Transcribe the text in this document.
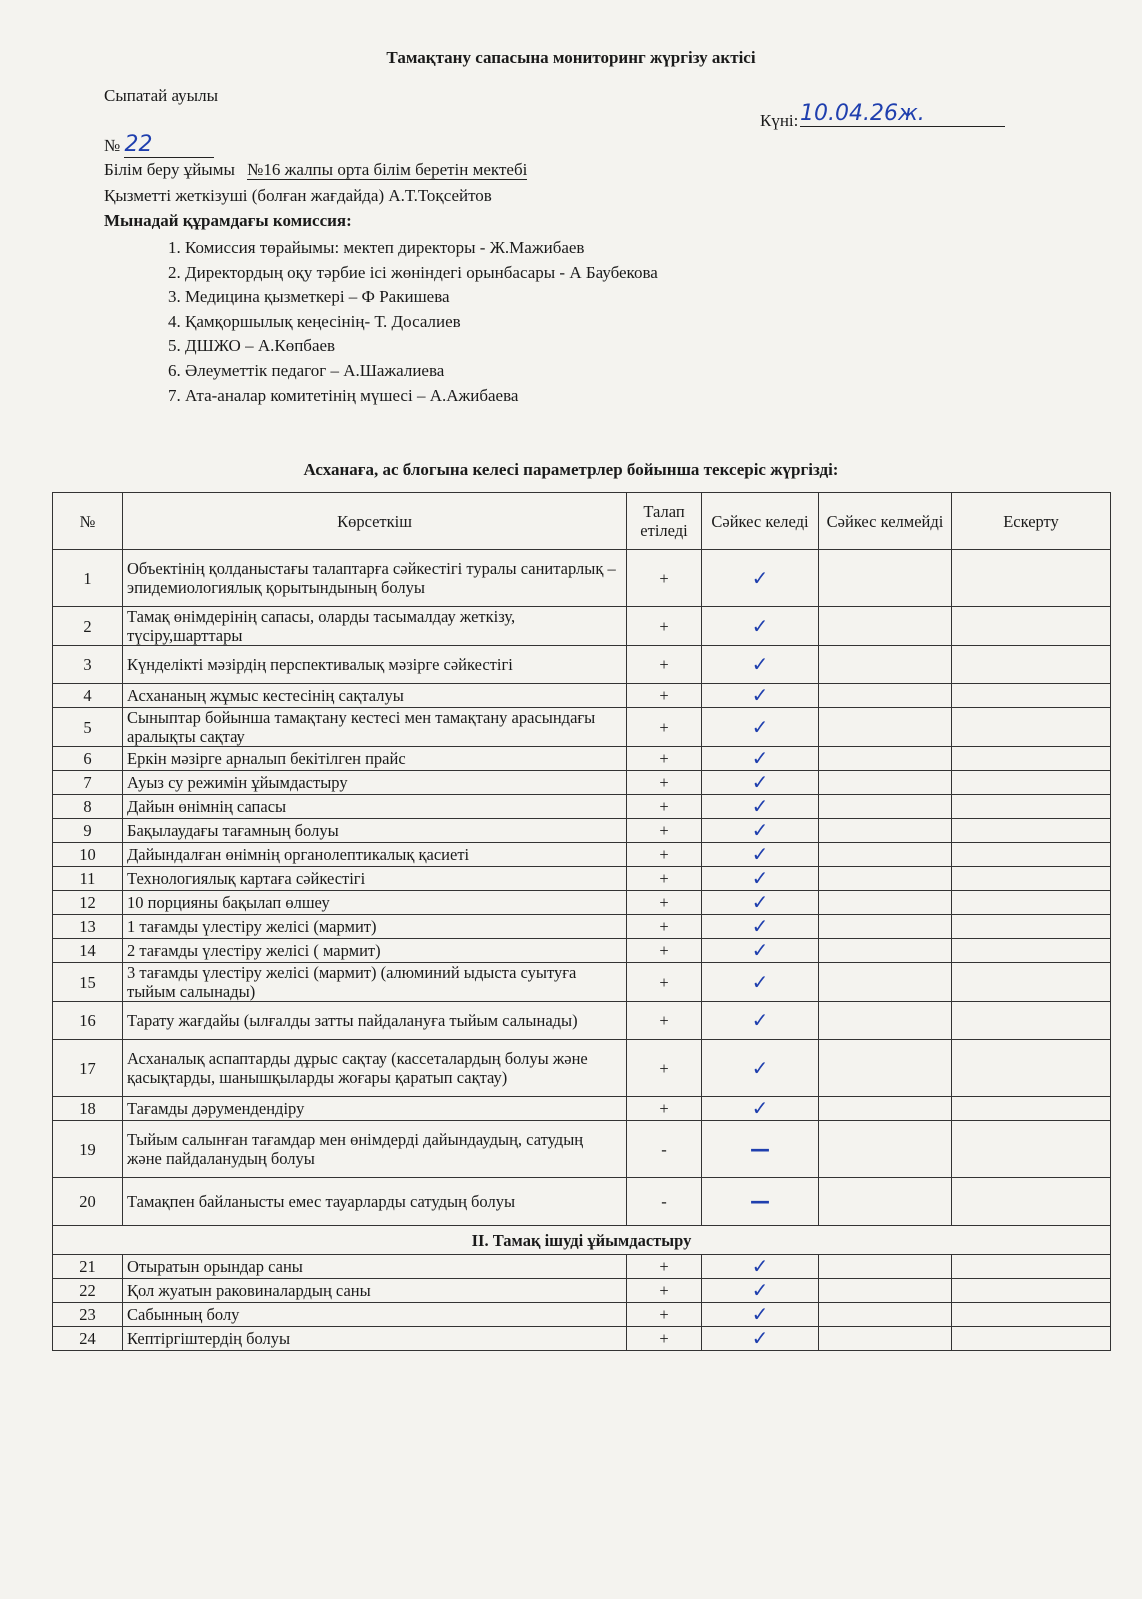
Тамақтану сапасына мониторинг жүргізу актісі
Сыпатай ауылы
Күні: 10.04.26ж.
№ 22
Білім беру ұйымы №16 жалпы орта білім беретін мектебі
Қызметті жеткізуші (болған жағдайда) А.Т.Тоқсейтов
Мынадай құрамдағы комиссия:
1. Комиссия төрайымы: мектеп директоры - Ж.Мажибаев
2. Директордың оқу тәрбие ісі жөніндегі орынбасары - А Баубекова
3. Медицина қызметкері – Ф Ракишева
4. Қамқоршылық кеңесінің- Т. Досалиев
5. ДШЖО – А.Көпбаев
6. Әлеуметтік педагог – А.Шажалиева
7. Ата-аналар комитетінің мүшесі – А.Ажибаева
Асханаға, ас блогына келесі параметрлер бойынша тексеріс жүргізді:
№	Көрсеткіш	Талап етіледі	Сәйкес келеді	Сәйкес келмейді	Ескерту
1	Объектінің қолданыстағы талаптарға сәйкестігі туралы санитарлық – эпидемиологиялық қорытындының болуы	+	✓		
2	Тамақ өнімдерінің сапасы, оларды тасымалдау жеткізу, түсіру,шарттары	+	✓		
3	Күнделікті мәзірдің перспективалық мәзірге сәйкестігі	+	✓		
4	Асхананың жұмыс кестесінің сақталуы	+	✓		
5	Сыныптар бойынша тамақтану кестесі мен тамақтану арасындағы аралықты сақтау	+	✓		
6	Еркін мәзірге арналып бекітілген прайс	+	✓		
7	Ауыз су режимін ұйымдастыру	+	✓		
8	Дайын өнімнің сапасы	+	✓		
9	Бақылаудағы тағамның болуы	+	✓		
10	Дайындалған өнімнің органолептикалық қасиеті	+	✓		
11	Технологиялық картаға сәйкестігі	+	✓		
12	10 порцияны бақылап өлшеу	+	✓		
13	1 тағамды үлестіру желісі (мармит)	+	✓		
14	2 тағамды үлестіру желісі ( мармит)	+	✓		
15	3 тағамды үлестіру желісі (мармит) (алюминий ыдыста суытуға тыйым салынады)	+	✓		
16	Тарату жағдайы (ылғалды затты пайдалануға тыйым салынады)	+	✓		
17	Асханалық аспаптарды дұрыс сақтау (кассеталардың болуы және қасықтарды, шанышқыларды жоғары қаратып сақтау)	+	✓		
18	Тағамды дәрумендендіру	+	✓		
19	Тыйым салынған тағамдар мен өнімдерді дайындаудың, сатудың және пайдаланудың болуы	-	—		
20	Тамақпен байланысты емес тауарларды сатудың болуы	-	—		
II. Тамақ ішуді ұйымдастыру					
21	Отыратын орындар саны	+	✓		
22	Қол жуатын раковиналардың саны	+	✓		
23	Сабынның болу	+	✓		
24	Кептіргіштердің болуы	+	✓		
